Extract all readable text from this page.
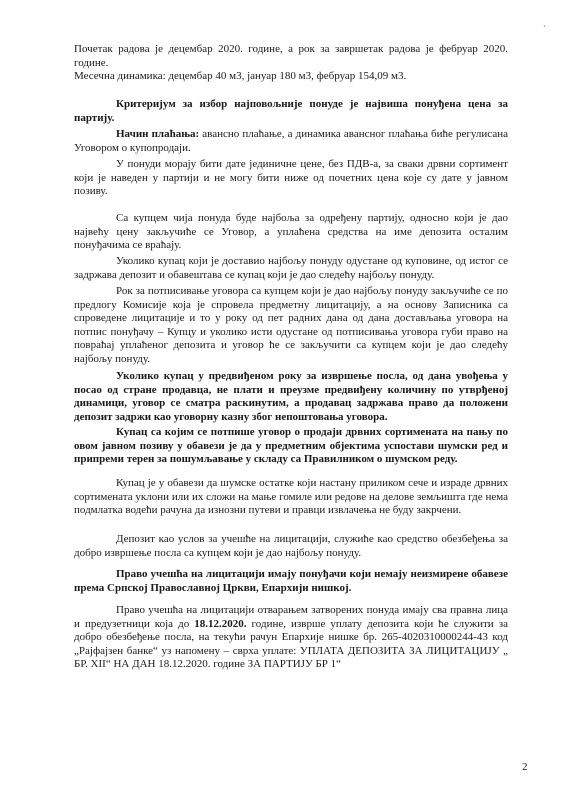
`

Почетак радова је децембар 2020. године, а рок за завршетак радова је фебруар 2020. године.

Месечна динамика: децембар 40 м3, јануар 180 м3, фебруар 154,09 м3.

Критеријум за избор најповољније понуде је највиша понуђена цена за партију.

Начин плаћања: авансно плаћање, а динамика авансног плаћања биће регулисана Уговором о купопродаји.

У понуди морају бити дате јединичне цене, без ПДВ-а, за сваки дрвни сортимент који је наведен у партији и не могу бити ниже од почетних цена које су дате у јавном позиву.

Са купцем чија понуда буде најбоља за одређену партију, односно који је дао највећу цену закључиће се Уговор, а уплаћена средства на име депозита осталим понуђачима се враћају.

Уколико купац који је доставио најбољу понуду одустане од куповине, од истог се задржава депозит и обавештава се купац који је дао следећу најбољу понуду.

Рок за потписивање уговора са купцем који је дао најбољу понуду закључиће се по предлогу Комисије која је спровела предметну лицитацију, а на основу Записника са спроведене лицитације и то у року од пет радних дана од дана достављања уговора на потпис понуђачу – Купцу и уколико исти одустане од потписивања уговора губи право на повраћај уплаћеног депозита и уговор ће се закључити са купцем који је дао следећу најбољу понуду.

Уколико купац у предвиђеном року за извршење посла, од дана увођења у посао од стране продавца, не плати и преузме предвиђену количину по утврђеној динамици, уговор се сматра раскинутим, а продавац задржава право да положени депозит задржи као уговорну казну због непоштовања уговора.

Купац са којим се потпише уговор о продаји дрвних сортимената на пању по овом јавном позиву у обавези је да у предметним објектима успостави шумски ред и припреми терен за пошумљавање у складу са Правилником о шумском реду.

Купац је у обавези да шумске остатке који настану приликом сече и израде дрвних сортимената уклони или их сложи на мање гомиле или редове на деловe земљишта где нема подмлатка водећи рачуна да изнозни путеви и правци извлачења не буду закрчени.

Депозит као услов за учешће на лицитацији, служиће као средство обезбеђења за добро извршење посла са купцем који је дао најбољу понуду.

Право учешћа на лицитацији имају понуђачи који немају неизмирене обавезе према Српској Православној Цркви, Епархији нишкој.

Право учешћа на лицитацији отварањем затворених понуда имају сва правна лица и предузетници која до 18.12.2020. године, изврше уплату депозита који ће служити за добро обезбеђење посла, на текући рачун Епархије нишке бр. 265-4020310000244-43 код „Рајфајзен банке“ уз напомену – сврха уплате: УПЛАТА ДЕПОЗИТА ЗА ЛИЦИТАЦИЈУ „ БР. XII“ НА ДАН 18.12.2020. године ЗА ПАРТИЈУ БР 1“

2
